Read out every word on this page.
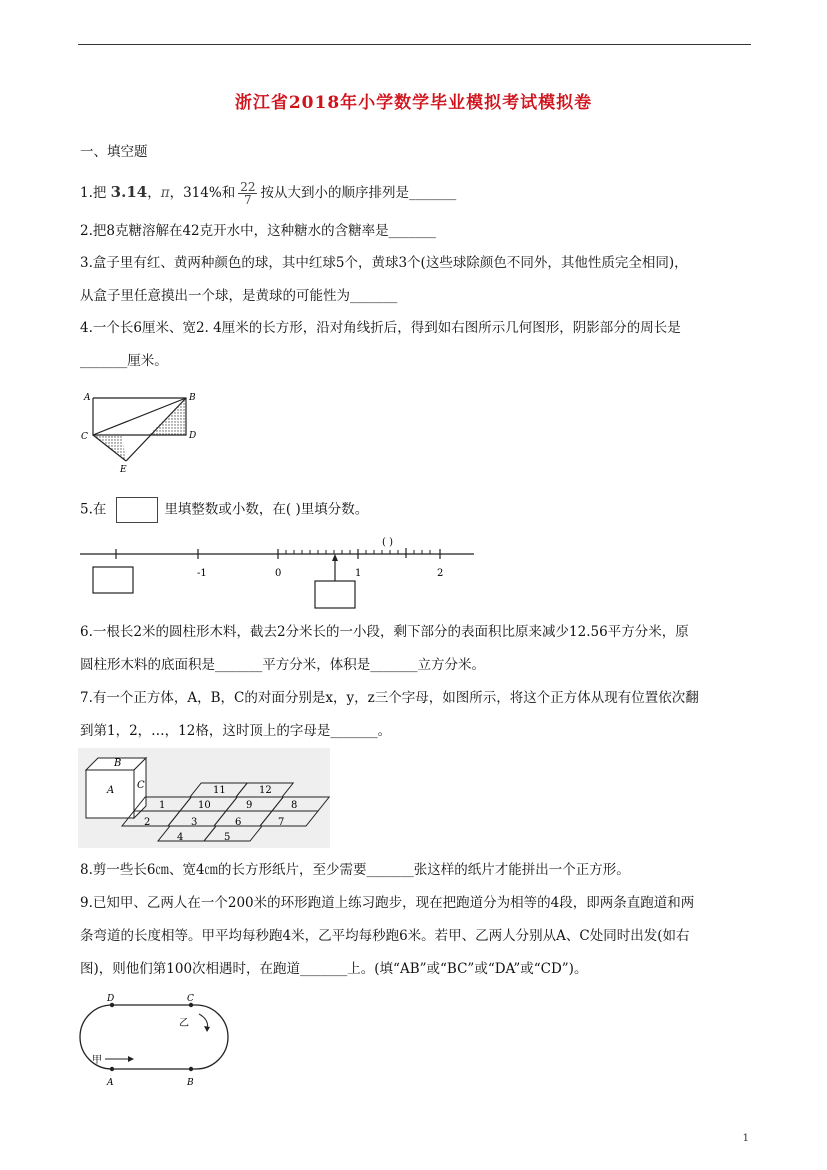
浙江省2018年小学数学毕业模拟考试模拟卷
一、填空题
1.把 3.14，π，314%和 $\frac{22}{7}$ 按从大到小的顺序排列是_______
2.把8克糖溶解在42克开水中，这种糖水的含糖率是_______
3.盒子里有红、黄两种颜色的球，其中红球5个，黄球3个(这些球除颜色不同外，其他性质完全相同)，
从盒子里任意摸出一个球，是黄球的可能性为_______
4.一个长6厘米、宽2. 4厘米的长方形，沿对角线折后，得到如右图所示几何图形，阴影部分的周长是
_______厘米。
A	B
C	D
E
5.在	里填整数或小数，在( )里填分数。
-1	0	1	2
( )
6.一根长2米的圆柱形木料，截去2分米长的一小段，剩下部分的表面积比原来减少12.56平方分米，原
圆柱形木料的底面积是_______平方分米，体积是_______立方分米。
7.有一个正方体，A，B，C的对面分别是x，y，z三个字母，如图所示，将这个正方体从现有位置依次翻
到第1，2，…，12格，这时顶上的字母是_______。
A
B
C
1
2	3
4	5
6	7
8
9
10
11	12
8.剪一些长6㎝、宽4㎝的长方形纸片，至少需要_______张这样的纸片才能拼出一个正方形。
9.已知甲、乙两人在一个200米的环形跑道上练习跑步，现在把跑道分为相等的4段，即两条直跑道和两
条弯道的长度相等。甲平均每秒跑4米，乙平均每秒跑6米。若甲、乙两人分别从A、C处同时出发(如右
图)，则他们第100次相遇时，在跑道_______上。(填“AB”或“BC”或“DA”或“CD”)。
D	C
A	B
乙
甲
1
